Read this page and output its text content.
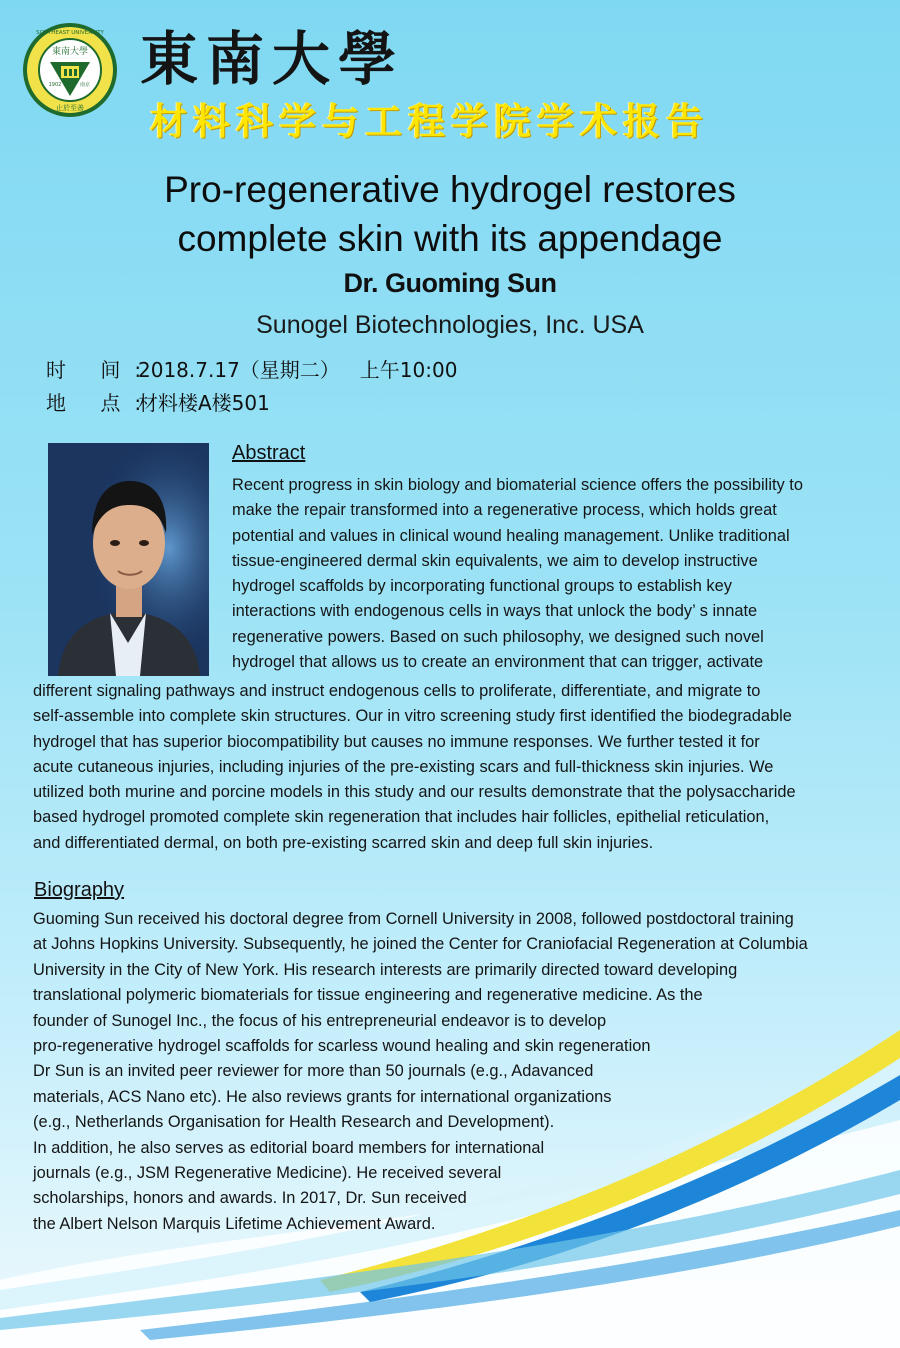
東南大學
SOUTHEAST UNIVERSITY
1902	南京
止於至善
東南大學
材料科学与工程学院学术报告
Pro-regenerative hydrogel restores
complete skin with its appendage
Dr. Guoming Sun
Sunogel Biotechnologies, Inc. USA
时 间:2018.7.17（星期二） 上午10:00
地 点:材料楼A楼501
Abstract
Recent progress in skin biology and biomaterial science offers the possibility to
make the repair transformed into a regenerative process, which holds great
potential and values in clinical wound healing management. Unlike traditional
tissue-engineered dermal skin equivalents, we aim to develop instructive
hydrogel scaffolds by incorporating functional groups to establish key
interactions with endogenous cells in ways that unlock the body’ s innate
regenerative powers. Based on such philosophy, we designed such novel
hydrogel that allows us to create an environment that can trigger, activate
different signaling pathways and instruct endogenous cells to proliferate, differentiate, and migrate to
self-assemble into complete skin structures. Our in vitro screening study first identified the biodegradable
hydrogel that has superior biocompatibility but causes no immune responses. We further tested it for
acute cutaneous injuries, including injuries of the pre-existing scars and full-thickness skin injuries. We
utilized both murine and porcine models in this study and our results demonstrate that the polysaccharide
based hydrogel promoted complete skin regeneration that includes hair follicles, epithelial reticulation,
and differentiated dermal, on both pre-existing scarred skin and deep full skin injuries.
Biography
Guoming Sun received his doctoral degree from Cornell University in 2008, followed postdoctoral training
at Johns Hopkins University. Subsequently, he joined the Center for Craniofacial Regeneration at Columbia
University in the City of New York. His research interests are primarily directed toward developing
translational polymeric biomaterials for tissue engineering and regenerative medicine. As the
founder of Sunogel Inc., the focus of his entrepreneurial endeavor is to develop
pro-regenerative hydrogel scaffolds for scarless wound healing and skin regeneration
Dr Sun is an invited peer reviewer for more than 50 journals (e.g., Adavanced
materials, ACS Nano etc). He also reviews grants for international organizations
(e.g., Netherlands Organisation for Health Research and Development).
In addition, he also serves as editorial board members for international
journals (e.g., JSM Regenerative Medicine). He received several
scholarships, honors and awards. In 2017, Dr. Sun received
the Albert Nelson Marquis Lifetime Achievement Award.
